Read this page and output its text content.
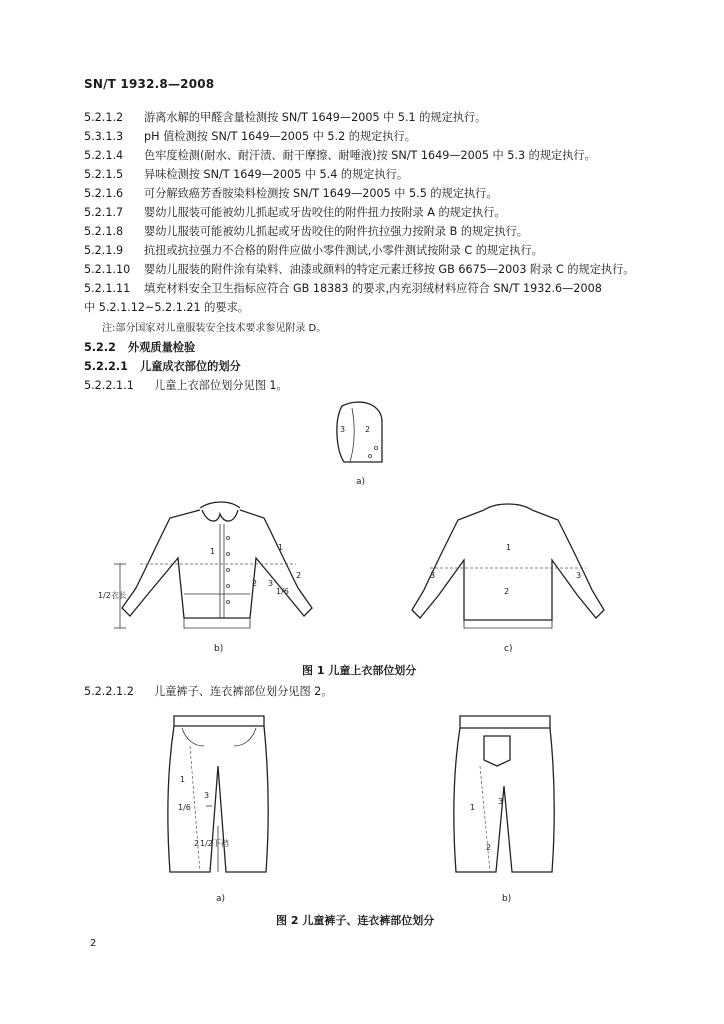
SN/T 1932.8—2008
5.2.1.2 游离水解的甲醛含量检测按 SN/T 1649—2005 中 5.1 的规定执行。
5.3.1.3 pH 值检测按 SN/T 1649—2005 中 5.2 的规定执行。
5.2.1.4 色牢度检测(耐水、耐汗渍、耐干摩擦、耐唾液)按 SN/T 1649—2005 中 5.3 的规定执行。
5.2.1.5 异味检测按 SN/T 1649—2005 中 5.4 的规定执行。
5.2.1.6 可分解致癌芳香胺染料检测按 SN/T 1649—2005 中 5.5 的规定执行。
5.2.1.7 婴幼儿服装可能被幼儿抓起或牙齿咬住的附件扭力按附录 A 的规定执行。
5.2.1.8 婴幼儿服装可能被幼儿抓起或牙齿咬住的附件抗拉强力按附录 B 的规定执行。
5.2.1.9 抗扭或抗拉强力不合格的附件应做小零件测试,小零件测试按附录 C 的规定执行。
5.2.1.10 婴幼儿服装的附件涂有染料、油漆或颜料的特定元素迁移按 GB 6675—2003 附录 C 的规定执行。
5.2.1.11 填充材料安全卫生指标应符合 GB 18383 的要求,内充羽绒材料应符合 SN/T 1932.6—2008
中 5.2.1.12~5.2.1.21 的要求。
注:部分国家对儿童服装安全技术要求参见附录 D。
5.2.2 外观质量检验
5.2.2.1 儿童成衣部位的划分
5.2.2.1.1 儿童上衣部位划分见图 1。
3 2
a)
1/2衣长
1	1
2
2
3
1/6
b)
1
2
3	3
c)
图 1 儿童上衣部位划分
5.2.2.1.2 儿童裤子、连衣裤部位划分见图 2。
1
3
2
1/6
1/2下裆
a)
1
3
2
b)
图 2 儿童裤子、连衣裤部位划分
2
